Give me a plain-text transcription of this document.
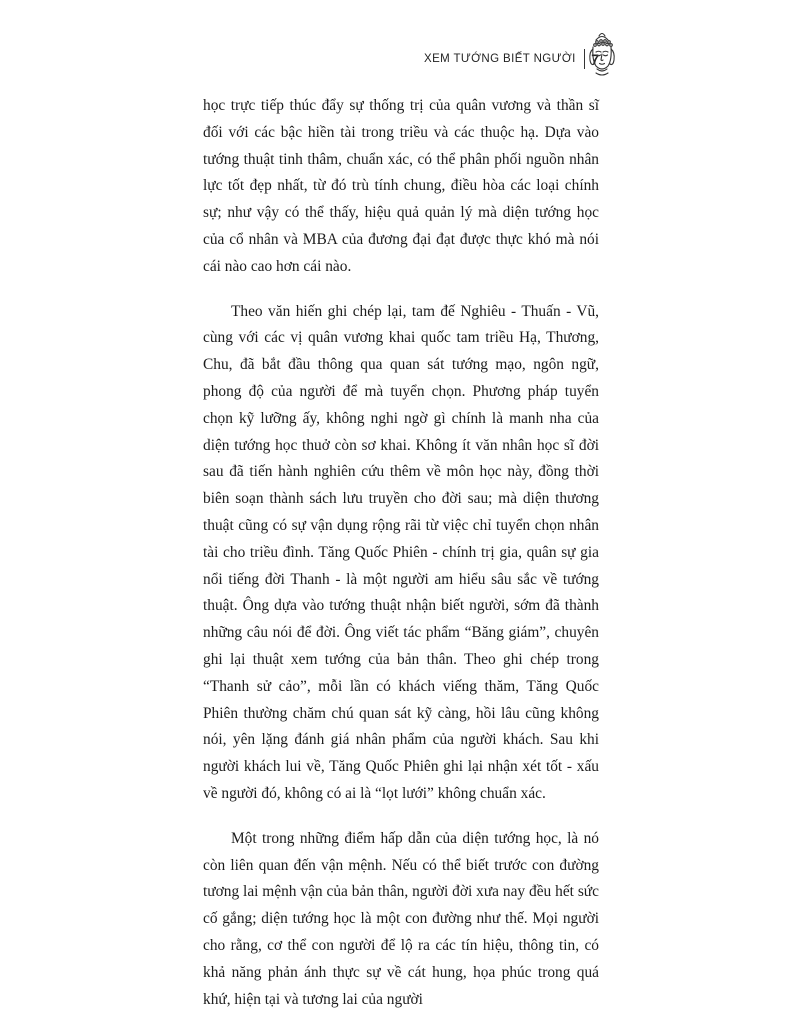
XEM TƯỚNG BIẾT NGƯỜI 7

học trực tiếp thúc đẩy sự thống trị của quân vương và thần sĩ đối với các bậc hiền tài trong triều và các thuộc hạ. Dựa vào tướng thuật tinh thâm, chuẩn xác, có thể phân phối nguồn nhân lực tốt đẹp nhất, từ đó trù tính chung, điều hòa các loại chính sự; như vậy có thể thấy, hiệu quả quản lý mà diện tướng học của cổ nhân và MBA của đương đại đạt được thực khó mà nói cái nào cao hơn cái nào.

Theo văn hiến ghi chép lại, tam đế Nghiêu - Thuấn - Vũ, cùng với các vị quân vương khai quốc tam triều Hạ, Thương, Chu, đã bắt đầu thông qua quan sát tướng mạo, ngôn ngữ, phong độ của người để mà tuyển chọn. Phương pháp tuyển chọn kỹ lưỡng ấy, không nghi ngờ gì chính là manh nha của diện tướng học thuở còn sơ khai. Không ít văn nhân học sĩ đời sau đã tiến hành nghiên cứu thêm về môn học này, đồng thời biên soạn thành sách lưu truyền cho đời sau; mà diện thương thuật cũng có sự vận dụng rộng rãi từ việc chỉ tuyển chọn nhân tài cho triều đình. Tăng Quốc Phiên - chính trị gia, quân sự gia nổi tiếng đời Thanh - là một người am hiểu sâu sắc về tướng thuật. Ông dựa vào tướng thuật nhận biết người, sớm đã thành những câu nói để đời. Ông viết tác phẩm “Băng giám”, chuyên ghi lại thuật xem tướng của bản thân. Theo ghi chép trong “Thanh sử cảo”, mỗi lần có khách viếng thăm, Tăng Quốc Phiên thường chăm chú quan sát kỹ càng, hồi lâu cũng không nói, yên lặng đánh giá nhân phẩm của người khách. Sau khi người khách lui về, Tăng Quốc Phiên ghi lại nhận xét tốt - xấu về người đó, không có ai là “lọt lưới” không chuẩn xác.

Một trong những điểm hấp dẫn của diện tướng học, là nó còn liên quan đến vận mệnh. Nếu có thể biết trước con đường tương lai mệnh vận của bản thân, người đời xưa nay đều hết sức cố gắng; diện tướng học là một con đường như thế. Mọi người cho rằng, cơ thể con người để lộ ra các tín hiệu, thông tin, có khả năng phản ánh thực sự về cát hung, họa phúc trong quá khứ, hiện tại và tương lai của người
